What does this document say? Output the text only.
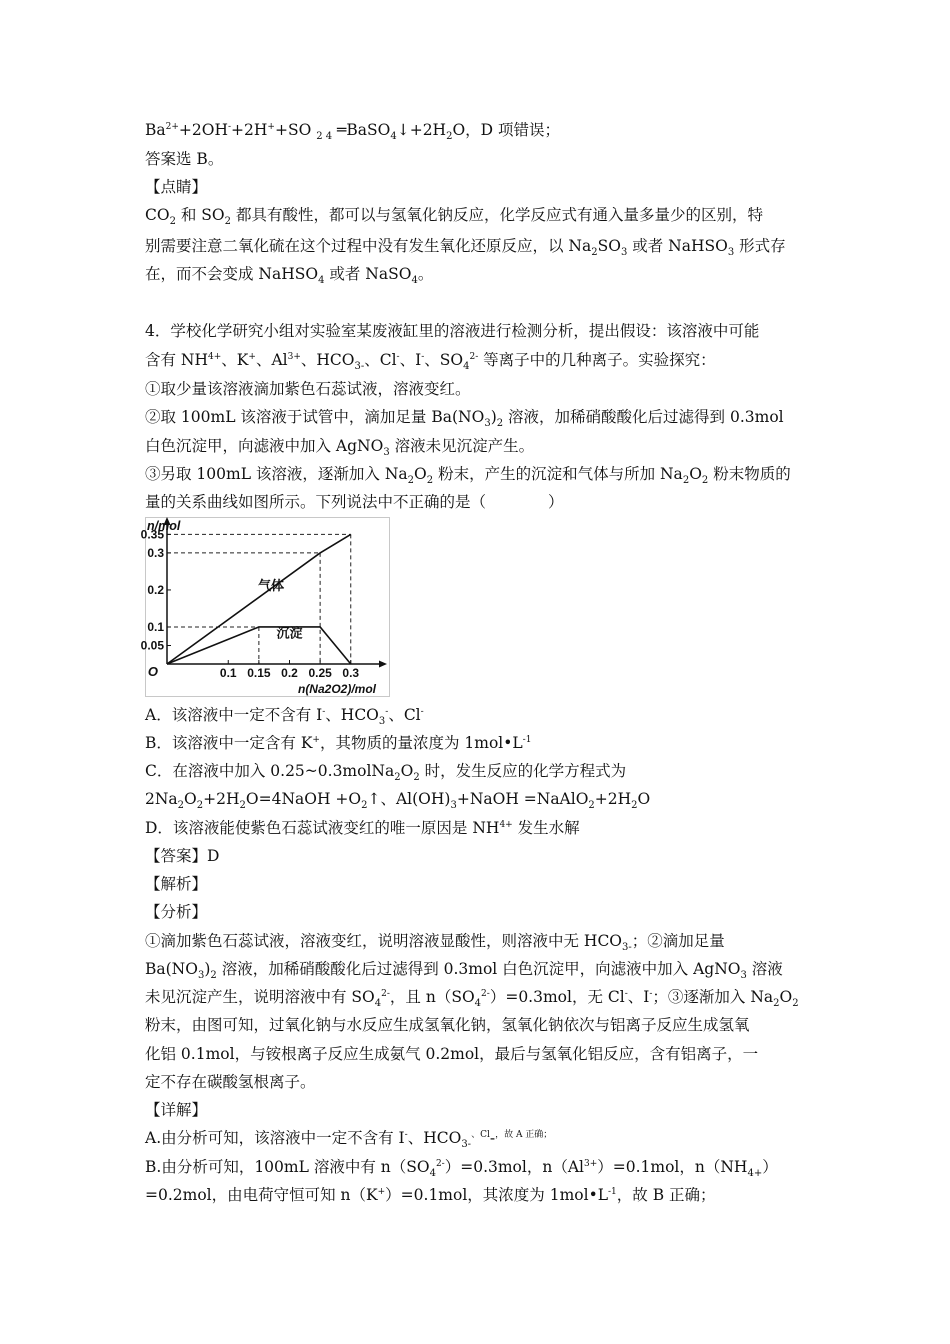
$Ba^{2+}+2OH^-+2H^++SO$ $_{2 4}$ $═BaSO_4↓+2H_2O$，D 项错误；
答案选 B。
【点睛】
$CO_2$ 和 $SO_2$ 都具有酸性，都可以与氢氧化钠反应，化学反应式有通入量多量少的区别，特
别需要注意二氧化硫在这个过程中没有发生氧化还原反应，以 $Na_2SO_3$ 或者 NaHSO$_3$ 形式存
在，而不会变成 NaHSO$_4$ 或者 NaSO$_4$。
4．学校化学研究小组对实验室某废液缸里的溶液进行检测分析，提出假设：该溶液中可能
含有 $NH^{4+}$、K+、$Al^{3+}$、$HCO_{3-}$、Cl-、I-、$SO_4^{2-}$ 等离子中的几种离子。实验探究：
①取少量该溶液滴加紫色石蕊试液，溶液变红。
②取 100mL 该溶液于试管中，滴加足量 $Ba(NO_3)_2$ 溶液，加稀硝酸酸化后过滤得到 0.3mol
白色沉淀甲，向滤液中加入 AgNO$_3$ 溶液未见沉淀产生。
③另取 100mL 该溶液，逐渐加入 $Na_2O_2$ 粉末，产生的沉淀和气体与所加 $Na_2O_2$ 粉末物质的
量的关系曲线如图所示。下列说法中不正确的是（　　　　）
A．该溶液中一定不含有 I-、$HCO_3^-$、Cl-
B．该溶液中一定含有 K+，其物质的量浓度为 $1mol•L^{-1}$
C．在溶液中加入 $0.25\sim 0.3molNa_2O_2$ 时，发生反应的化学方程式为
$2Na_2O_2+2H_2O=4NaOH$ $+O_2↑$、$Al(OH)_3+NaOH$ $=NaAlO_2+2H_2O$
D．该溶液能使紫色石蕊试液变红的唯一原因是 $NH^{4+}$ 发生水解
【答案】D
【解析】
【分析】
①滴加紫色石蕊试液，溶液变红，说明溶液显酸性，则溶液中无 $HCO_{3-}$；②滴加足量
$Ba(NO_3)_2$ 溶液，加稀硝酸酸化后过滤得到 0.3mol 白色沉淀甲，向滤液中加入 AgNO$_3$ 溶液
未见沉淀产生，说明溶液中有 $SO_4^{2-}$，且 $n(SO_4^{2-})=0.3mol$，无 Cl-、I-；③逐渐加入 $Na_2O_2$
粉末，由图可知，过氧化钠与水反应生成氢氧化钠，氢氧化钠依次与铝离子反应生成氢氧
化铝 0.1mol，与铵根离子反应生成氨气 0.2mol，最后与氢氧化铝反应，含有铝离子，一
定不存在碳酸氢根离子。
【详解】
A.由分析可知，该溶液中一定不含有 I-、$HCO_{3-}^{、Cl}-^{,故 A 正确;}$
B.由分析可知，100mL 溶液中有 $n(SO_4^{2-})=0.3mol$，$n(Al^{3+})=0.1mol$，$n(NH_{4+})$
=0.2mol，由电荷守恒可知 n（K+）=0.1mol，其浓度为 $1mol•L^{-1}$，故 B 正确；
0.1 0.15 0.2 0.25 0.3
0.05
0.1
0.2
0.3
0.35
气体
沉淀
n/mol
n(Na2O2)/mol
O
